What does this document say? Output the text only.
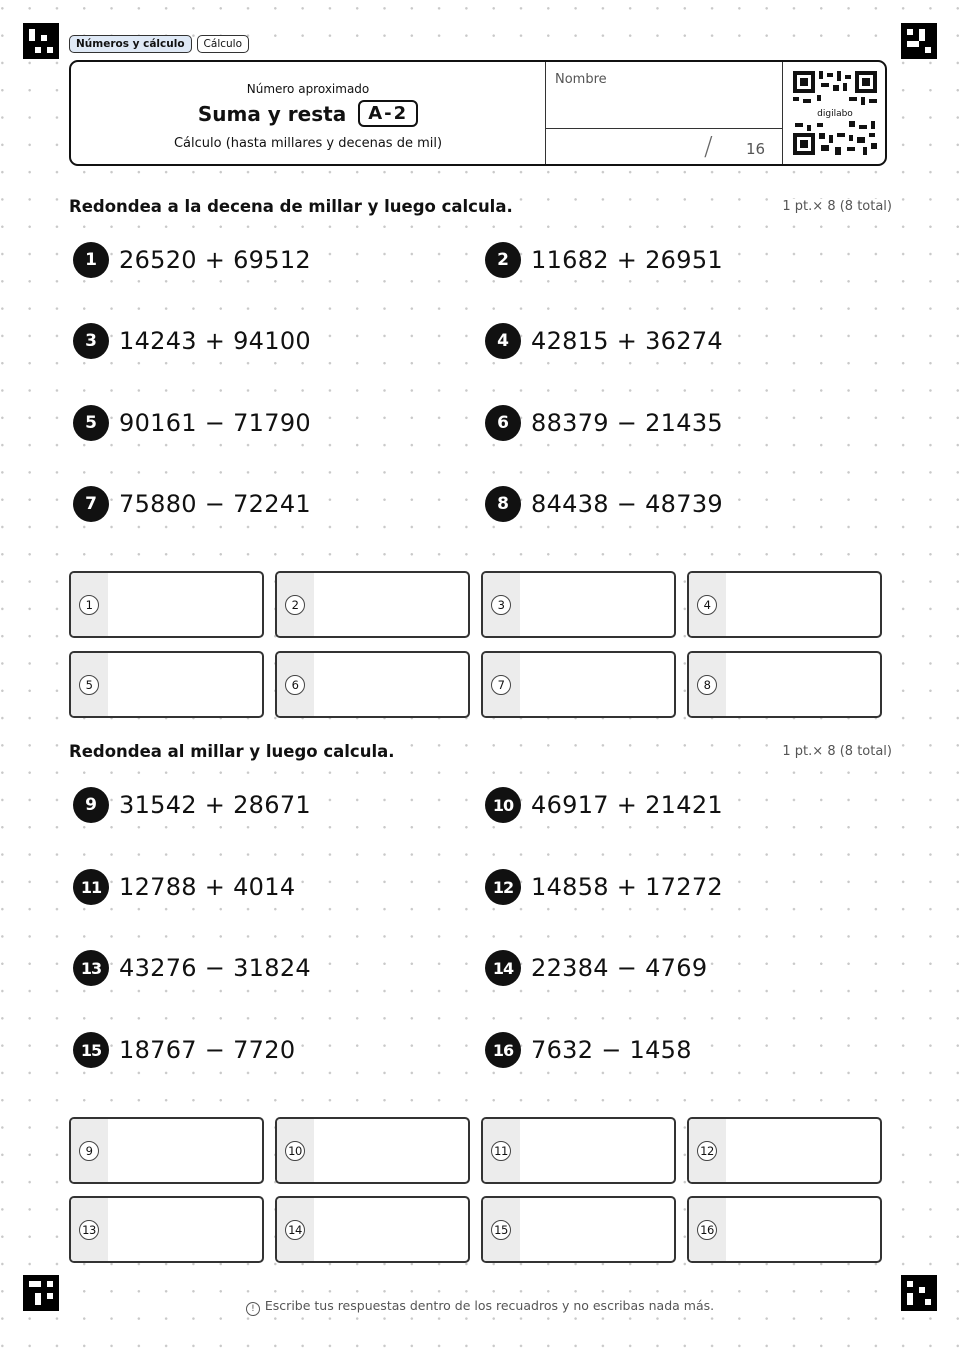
Números y cálculo	Cálculo
Número aproximado
Suma y resta	A-2
Cálculo (hasta millares y decenas de mil)
Nombre
/ 16
digilabo
Redondea a la decena de millar y luego calcula.	1 pt.× 8 (8 total)
1 26520 + 69512	2 11682 + 26951
3 14243 + 94100	4 42815 + 36274
5 90161 − 71790	6 88379 − 21435
7 75880 − 72241	8 84438 − 48739
1	2	3	4
5	6	7	8
Redondea al millar y luego calcula.	1 pt.× 8 (8 total)
9 31542 + 28671	10 46917 + 21421
11 12788 + 4014	12 14858 + 17272
13 43276 − 31824	14 22384 − 4769
15 18767 − 7720	16 7632 − 1458
9	10	11	12
13	14	15	16
! Escribe tus respuestas dentro de los recuadros y no escribas nada más.
